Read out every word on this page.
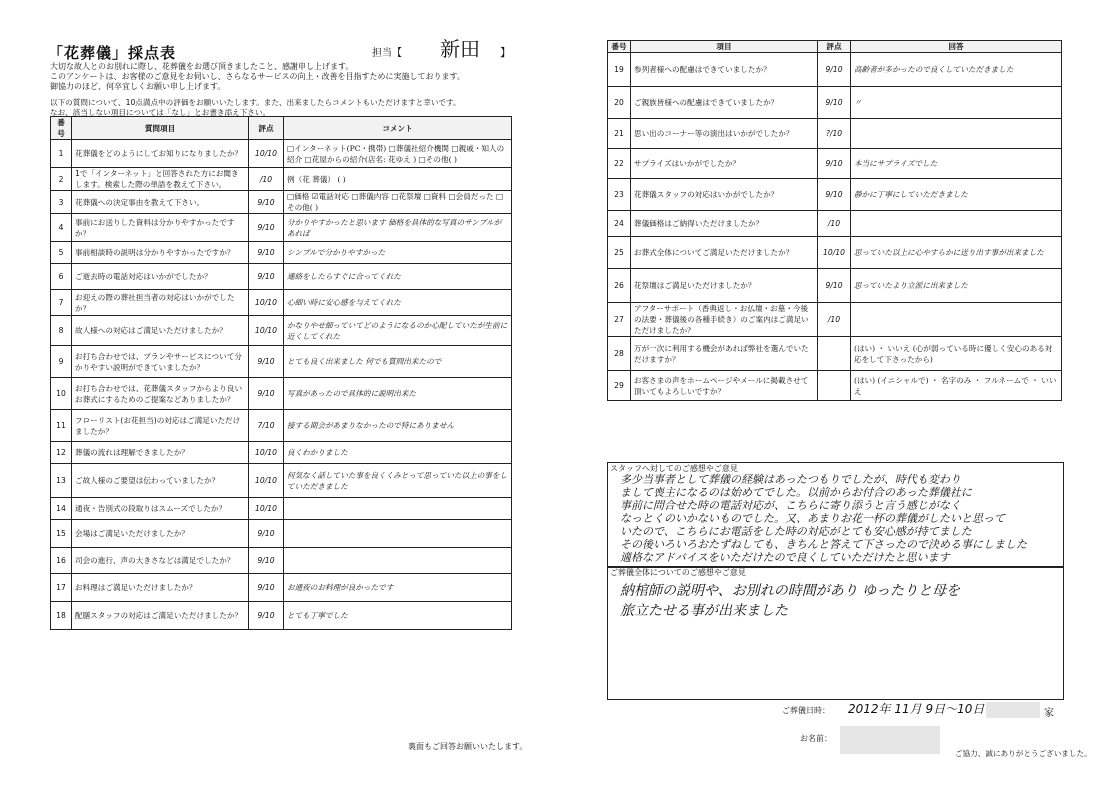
「花葬儀」採点表	担当【 新田 】
大切な故人とのお別れに際し、花葬儀をお選び頂きましたこと、感謝申し上げます。
このアンケートは、お客様のご意見をお伺いし、さらなるサービスの向上・改善を目指すために実施しております。
御協力のほど、何卒宜しくお願い申し上げます。
以下の質問について、10点満点中の評価をお願いいたします。また、出来ましたらコメントもいただけますと幸いです。
なお、該当しない項目については「なし」とお書き添え下さい。
番号	質問項目	評点	コメント
1	花葬儀をどのようにしてお知りになりましたか？	10/10	□インターネット(PC・携帯) □葬儀社紹介機関 □親戚・知人の紹介 □花屋からの紹介(店名: 花ゆえ ) □その他( )
2	1で「インターネット」と回答された方にお聞きします。検索した際の単語を教えて下さい。	/10	例（花 葬儀） ( )
3	花葬儀への決定事由を教えて下さい。	9/10	□価格 ☑電話対応 □葬儀内容 □花祭壇 □資料 □会員だった □その他( )
4	事前にお送りした資料は分かりやすかったですか？	9/10	分かりやすかったと思います 価格を具体的な写真のサンプルがあれば
5	事前相談時の説明は分かりやすかったですか？	9/10	シンプルで分かりやすかった
6	ご逝去時の電話対応はいかがでしたか？	9/10	連絡をしたらすぐに合ってくれた
7	お迎えの際の葬社担当者の対応はいかがでしたか？	10/10	心細い時に安心感を与えてくれた
8	故人様への対応はご満足いただけましたか？	10/10	かなりやせ細っていてどのようになるのか心配していたが生前に近くしてくれた
9	お打ち合わせでは、プランやサービスについて分かりやすい説明ができていましたか？	9/10	とても良く出来ました 何でも質問出来たので
10	お打ち合わせでは、花葬儀スタッフからより良いお葬式にするためのご提案などありましたか？	9/10	写真があったので具体的に説明出来た
11	フローリスト(お花担当)の対応はご満足いただけましたか？	7/10	接する期会があまりなかったので特にありません
12	葬儀の流れは理解できましたか？	10/10	良くわかりました
13	ご故人様のご要望は伝わっていましたか？	10/10	何気なく話していた事を良くくみとって思っていた以上の事をしていただきました
14	通夜・告別式の段取りはスムーズでしたか？	10/10	
15	会場はご満足いただけましたか？	9/10	
16	司会の進行、声の大きさなどは満足でしたか？	9/10	
17	お料理はご満足いただけましたか？	9/10	お通夜のお料理が良かったです
18	配膳スタッフの対応はご満足いただけましたか？	9/10	とても丁寧でした
裏面もご回答お願いいたします。
番号	項目	評点	回答
19	参列者様への配慮はできていましたか？	9/10	高齢者が多かったので良くしていただきました
20	ご親族皆様への配慮はできていましたか？	9/10	〃
21	思い出のコーナー等の演出はいかがでしたか？	?/10	
22	サプライズはいかがでしたか？	9/10	本当にサプライズでした
23	花葬儀スタッフの対応はいかがでしたか？	9/10	静かに丁寧にしていただきました
24	葬儀価格はご納得いただけましたか？	/10	
25	お葬式全体についてご満足いただけましたか？	10/10	思っていた以上に心やすらかに送り出す事が出来ました
26	花祭壇はご満足いただけましたか？	9/10	思っていたより立派に出来ました
27	アフターサポート（香典返し・お仏壇・お墓・今後の法要・葬儀後の各種手続き）のご案内はご満足いただけましたか？	/10	
28	万が一次に利用する機会があれば弊社を選んでいただけますか？		(はい) ・ いいえ (心が弱っている時に優しく安心のある対応をして下さったから)
29	お客さまの声をホームページやメールに掲載させて頂いてもよろしいですか？		(はい) (イニシャルで) ・ 名字のみ ・ フルネームで ・ いいえ
スタッフへ対してのご感想やご意見
多少当事者として葬儀の経験はあったつもりでしたが、時代も変わり
まして喪主になるのは始めてでした。以前からお付合のあった葬儀社に
事前に問合せた時の電話対応が、こちらに寄り添うと言う感じがなく
なっとくのいかないものでした。又、あまりお花一杯の葬儀がしたいと思って
いたので、こちらにお電話をした時の対応がとても安心感が持てました
その後いろいろおたずねしても、きちんと答えて下さったので決める事にしました
適格なアドバイスをいただけたので良くしていただけたと思います
ご葬儀全体についてのご感想やご意見
納棺師の説明や、お別れの時間があり ゆったりと母を
旅立たせる事が出来ました
ご葬儀日時： 2012年 11月 9日〜10日	家
お名前：
ご協力、誠にありがとうございました。
